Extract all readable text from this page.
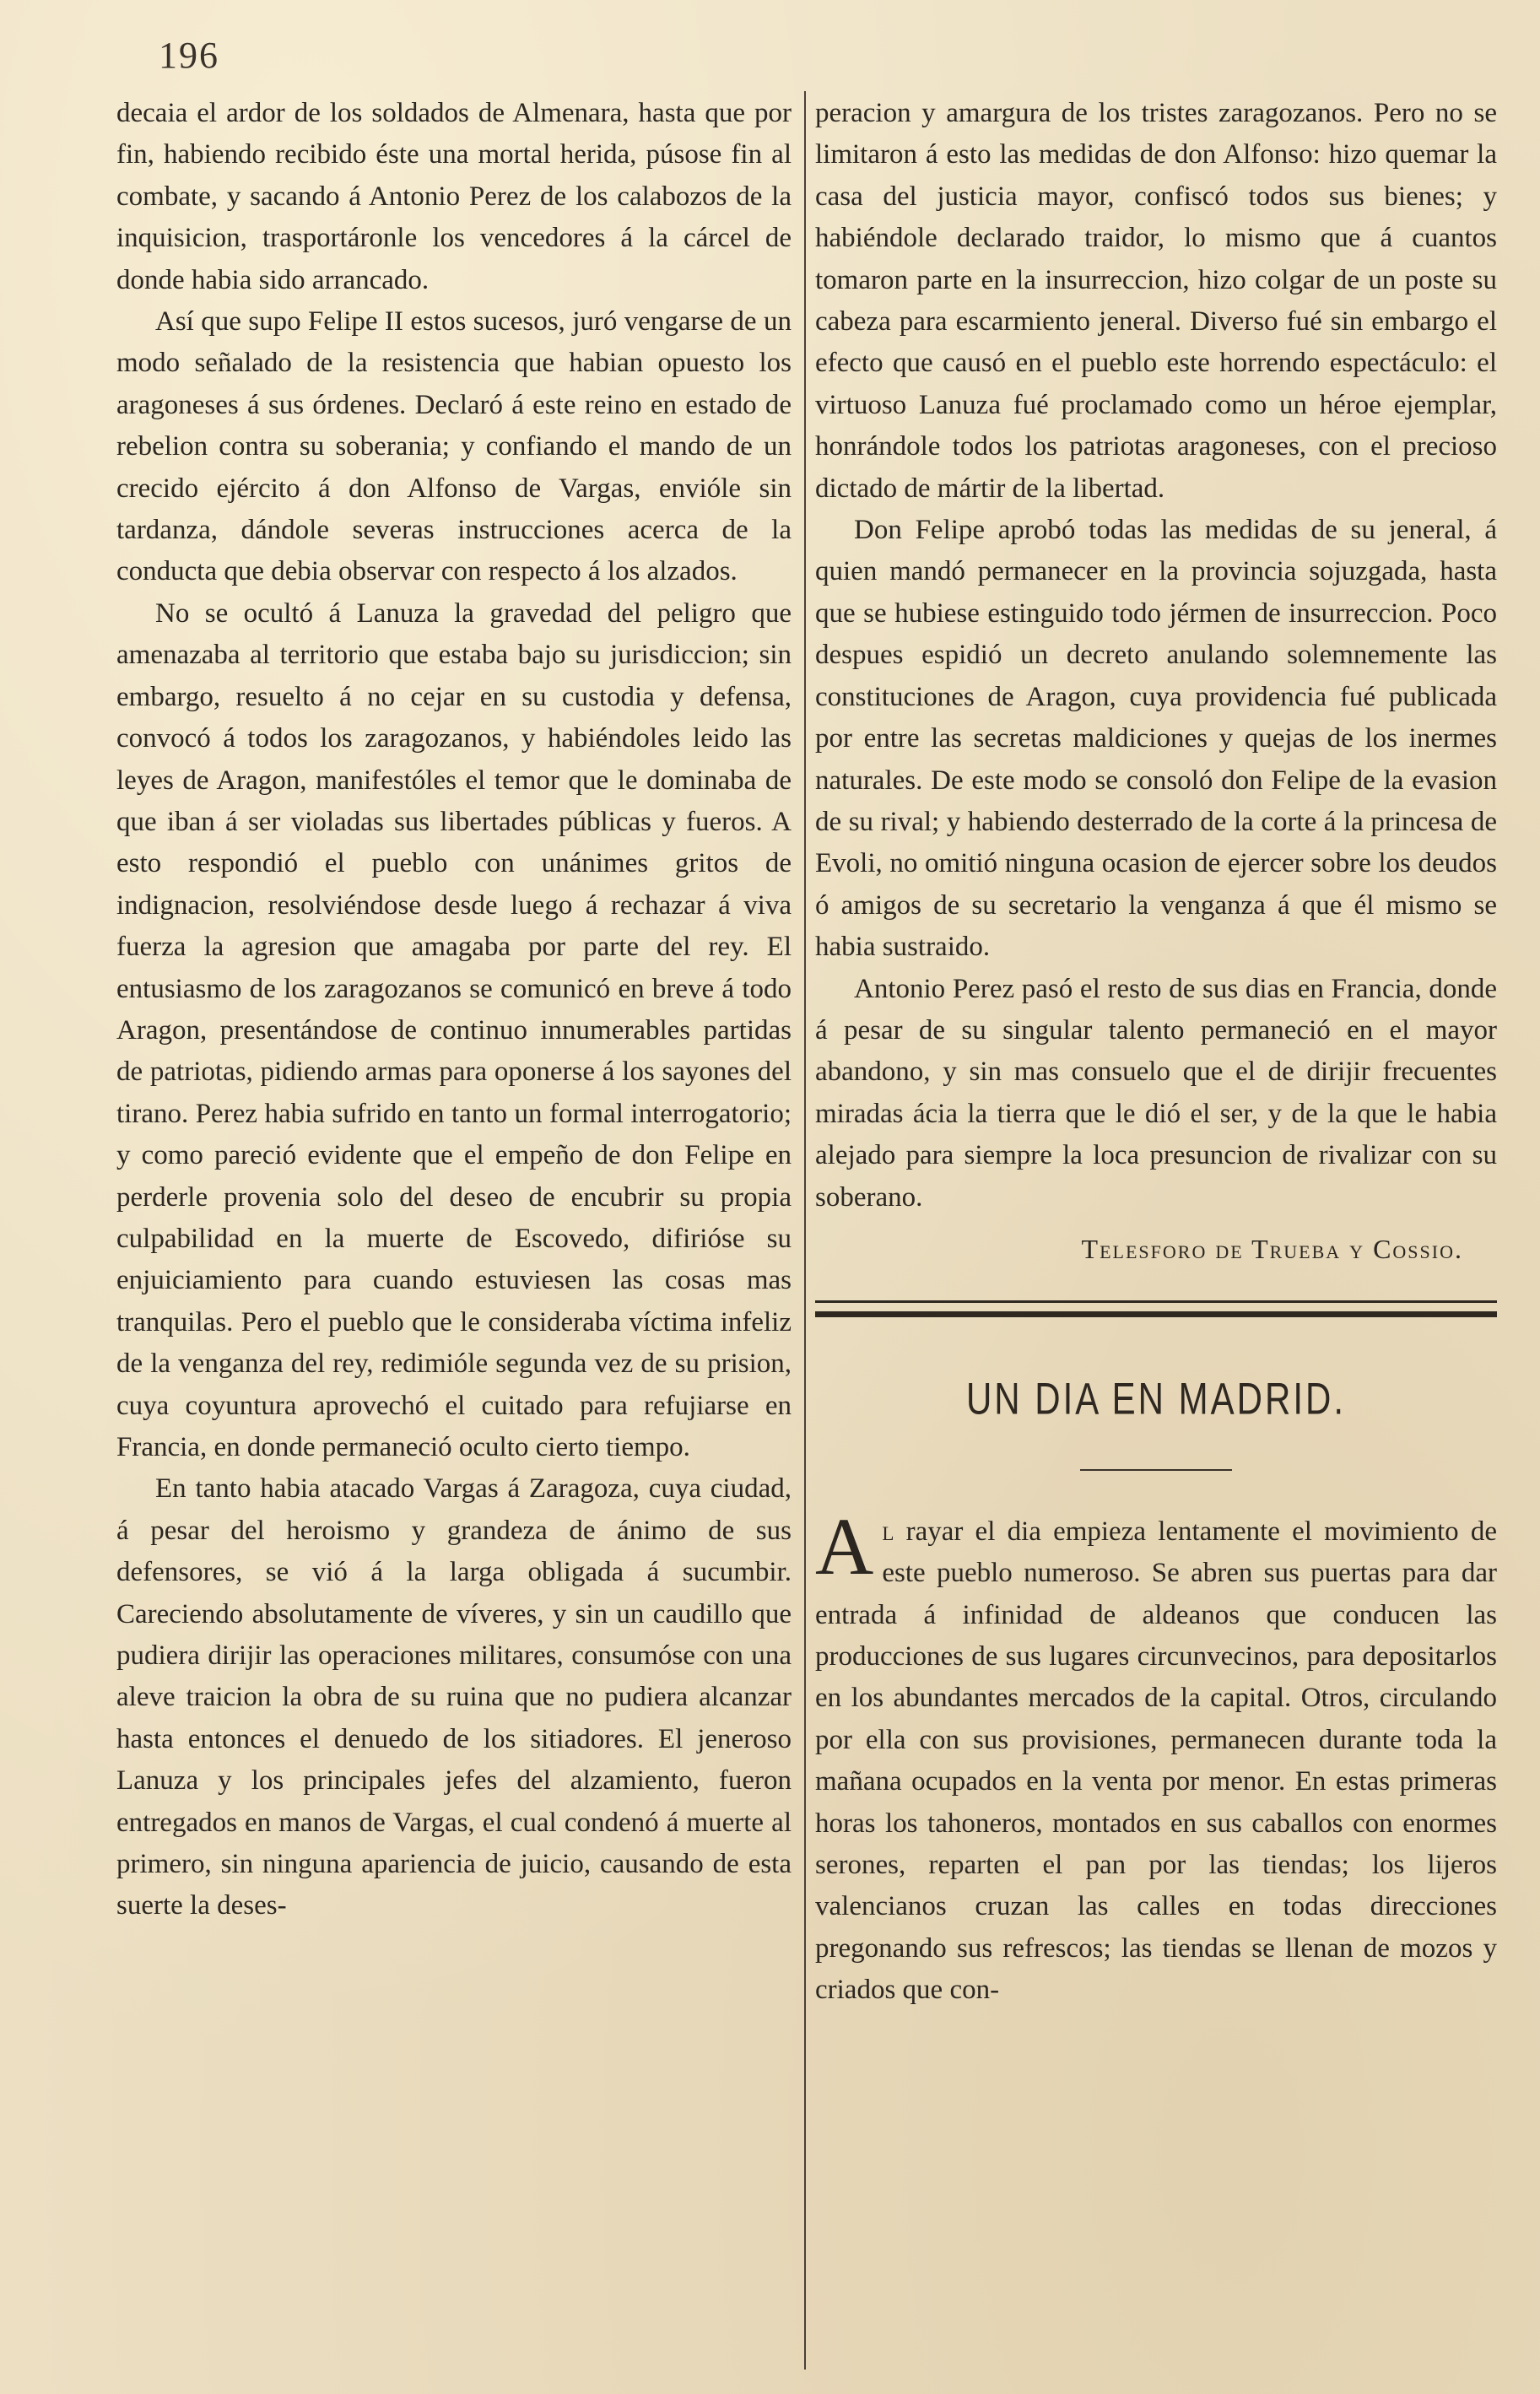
196

decaia el ardor de los soldados de Almenara, hasta que por fin, habiendo recibido éste una mortal herida, púsose fin al combate, y sacando á Antonio Perez de los calabozos de la inquisicion, trasportáronle los vencedores á la cárcel de donde habia sido arrancado.

Así que supo Felipe II estos sucesos, juró vengarse de un modo señalado de la resistencia que habian opuesto los aragoneses á sus órdenes. Declaró á este reino en estado de rebelion contra su soberania; y confiando el mando de un crecido ejército á don Alfonso de Vargas, envióle sin tardanza, dándole severas instrucciones acerca de la conducta que debia observar con respecto á los alzados.

No se ocultó á Lanuza la gravedad del peligro que amenazaba al territorio que estaba bajo su jurisdiccion; sin embargo, resuelto á no cejar en su custodia y defensa, convocó á todos los zaragozanos, y habiéndoles leido las leyes de Aragon, manifestóles el temor que le dominaba de que iban á ser violadas sus libertades públicas y fueros. A esto respondió el pueblo con unánimes gritos de indignacion, resolviéndose desde luego á rechazar á viva fuerza la agresion que amagaba por parte del rey. El entusiasmo de los zaragozanos se comunicó en breve á todo Aragon, presentándose de continuo innumerables partidas de patriotas, pidiendo armas para oponerse á los sayones del tirano. Perez habia sufrido en tanto un formal interrogatorio; y como pareció evidente que el empeño de don Felipe en perderle provenia solo del deseo de encubrir su propia culpabilidad en la muerte de Escovedo, difirióse su enjuiciamiento para cuando estuviesen las cosas mas tranquilas. Pero el pueblo que le consideraba víctima infeliz de la venganza del rey, redimióle segunda vez de su prision, cuya coyuntura aprovechó el cuitado para refujiarse en Francia, en donde permaneció oculto cierto tiempo.

En tanto habia atacado Vargas á Zaragoza, cuya ciudad, á pesar del heroismo y grandeza de ánimo de sus defensores, se vió á la larga obligada á sucumbir. Careciendo absolutamente de víveres, y sin un caudillo que pudiera dirijir las operaciones militares, consumóse con una aleve traicion la obra de su ruina que no pudiera alcanzar hasta entonces el denuedo de los sitiadores. El jeneroso Lanuza y los principales jefes del alzamiento, fueron entregados en manos de Vargas, el cual condenó á muerte al primero, sin ninguna apariencia de juicio, causando de esta suerte la deses-

peracion y amargura de los tristes zaragozanos. Pero no se limitaron á esto las medidas de don Alfonso: hizo quemar la casa del justicia mayor, confiscó todos sus bienes; y habiéndole declarado traidor, lo mismo que á cuantos tomaron parte en la insurreccion, hizo colgar de un poste su cabeza para escarmiento jeneral. Diverso fué sin embargo el efecto que causó en el pueblo este horrendo espectáculo: el virtuoso Lanuza fué proclamado como un héroe ejemplar, honrándole todos los patriotas aragoneses, con el precioso dictado de mártir de la libertad.

Don Felipe aprobó todas las medidas de su jeneral, á quien mandó permanecer en la provincia sojuzgada, hasta que se hubiese estinguido todo jérmen de insurreccion. Poco despues espidió un decreto anulando solemnemente las constituciones de Aragon, cuya providencia fué publicada por entre las secretas maldiciones y quejas de los inermes naturales. De este modo se consoló don Felipe de la evasion de su rival; y habiendo desterrado de la corte á la princesa de Evoli, no omitió ninguna ocasion de ejercer sobre los deudos ó amigos de su secretario la venganza á que él mismo se habia sustraido.

Antonio Perez pasó el resto de sus dias en Francia, donde á pesar de su singular talento permaneció en el mayor abandono, y sin mas consuelo que el de dirijir frecuentes miradas ácia la tierra que le dió el ser, y de la que le habia alejado para siempre la loca presuncion de rivalizar con su soberano.

Telesforo de Trueba y Cossio.
UN DIA EN MADRID.

Al rayar el dia empieza lentamente el movimiento de este pueblo numeroso. Se abren sus puertas para dar entrada á infinidad de aldeanos que conducen las producciones de sus lugares circunvecinos, para depositarlos en los abundantes mercados de la capital. Otros, circulando por ella con sus provisiones, permanecen durante toda la mañana ocupados en la venta por menor. En estas primeras horas los tahoneros, montados en sus caballos con enormes serones, reparten el pan por las tiendas; los lijeros valencianos cruzan las calles en todas direcciones pregonando sus refrescos; las tiendas se llenan de mozos y criados que con-
